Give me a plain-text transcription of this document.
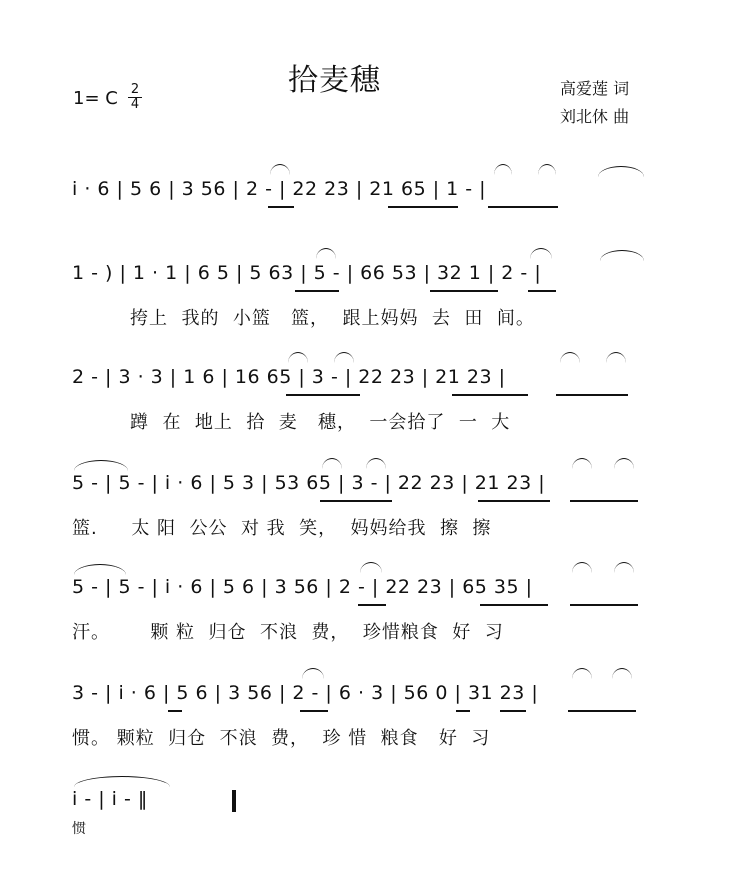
拾麦穗	高爱莲 词
刘北休 曲
1= C 2
4
i · 6 | 5 6 | 3 56 | 2 - | 22 23 | 21 65 | 1 - |
1 - ) | 1 · 1 | 6 5 | 5 63 | 5 - | 66 53 | 32 1 | 2 - |
挎上  我的  小篮   篮，  跟上妈妈  去  田  间。
2 - | 3 · 3 | 1 6 | 16 65 | 3 - | 22 23 | 21 23 |
蹲  在  地上  拾  麦   穗，  一会拾了  一  大
5 - | 5 - | i · 6 | 5 3 | 53 65 | 3 - | 22 23 | 21 23 |
篮.     太 阳  公公  对 我  笑，  妈妈给我  擦  擦
5 - | 5 - | i · 6 | 5 6 | 3 56 | 2 - | 22 23 | 65 35 |
汗。      颗 粒  归仓  不浪  费，  珍惜粮食  好  习
3 - | i · 6 | 5 6 | 3 56 | 2 - | 6 · 3 | 56 0 | 31 23 |
惯。 颗粒  归仓  不浪  费，  珍 惜  粮食   好  习
i - | i - ‖
惯
